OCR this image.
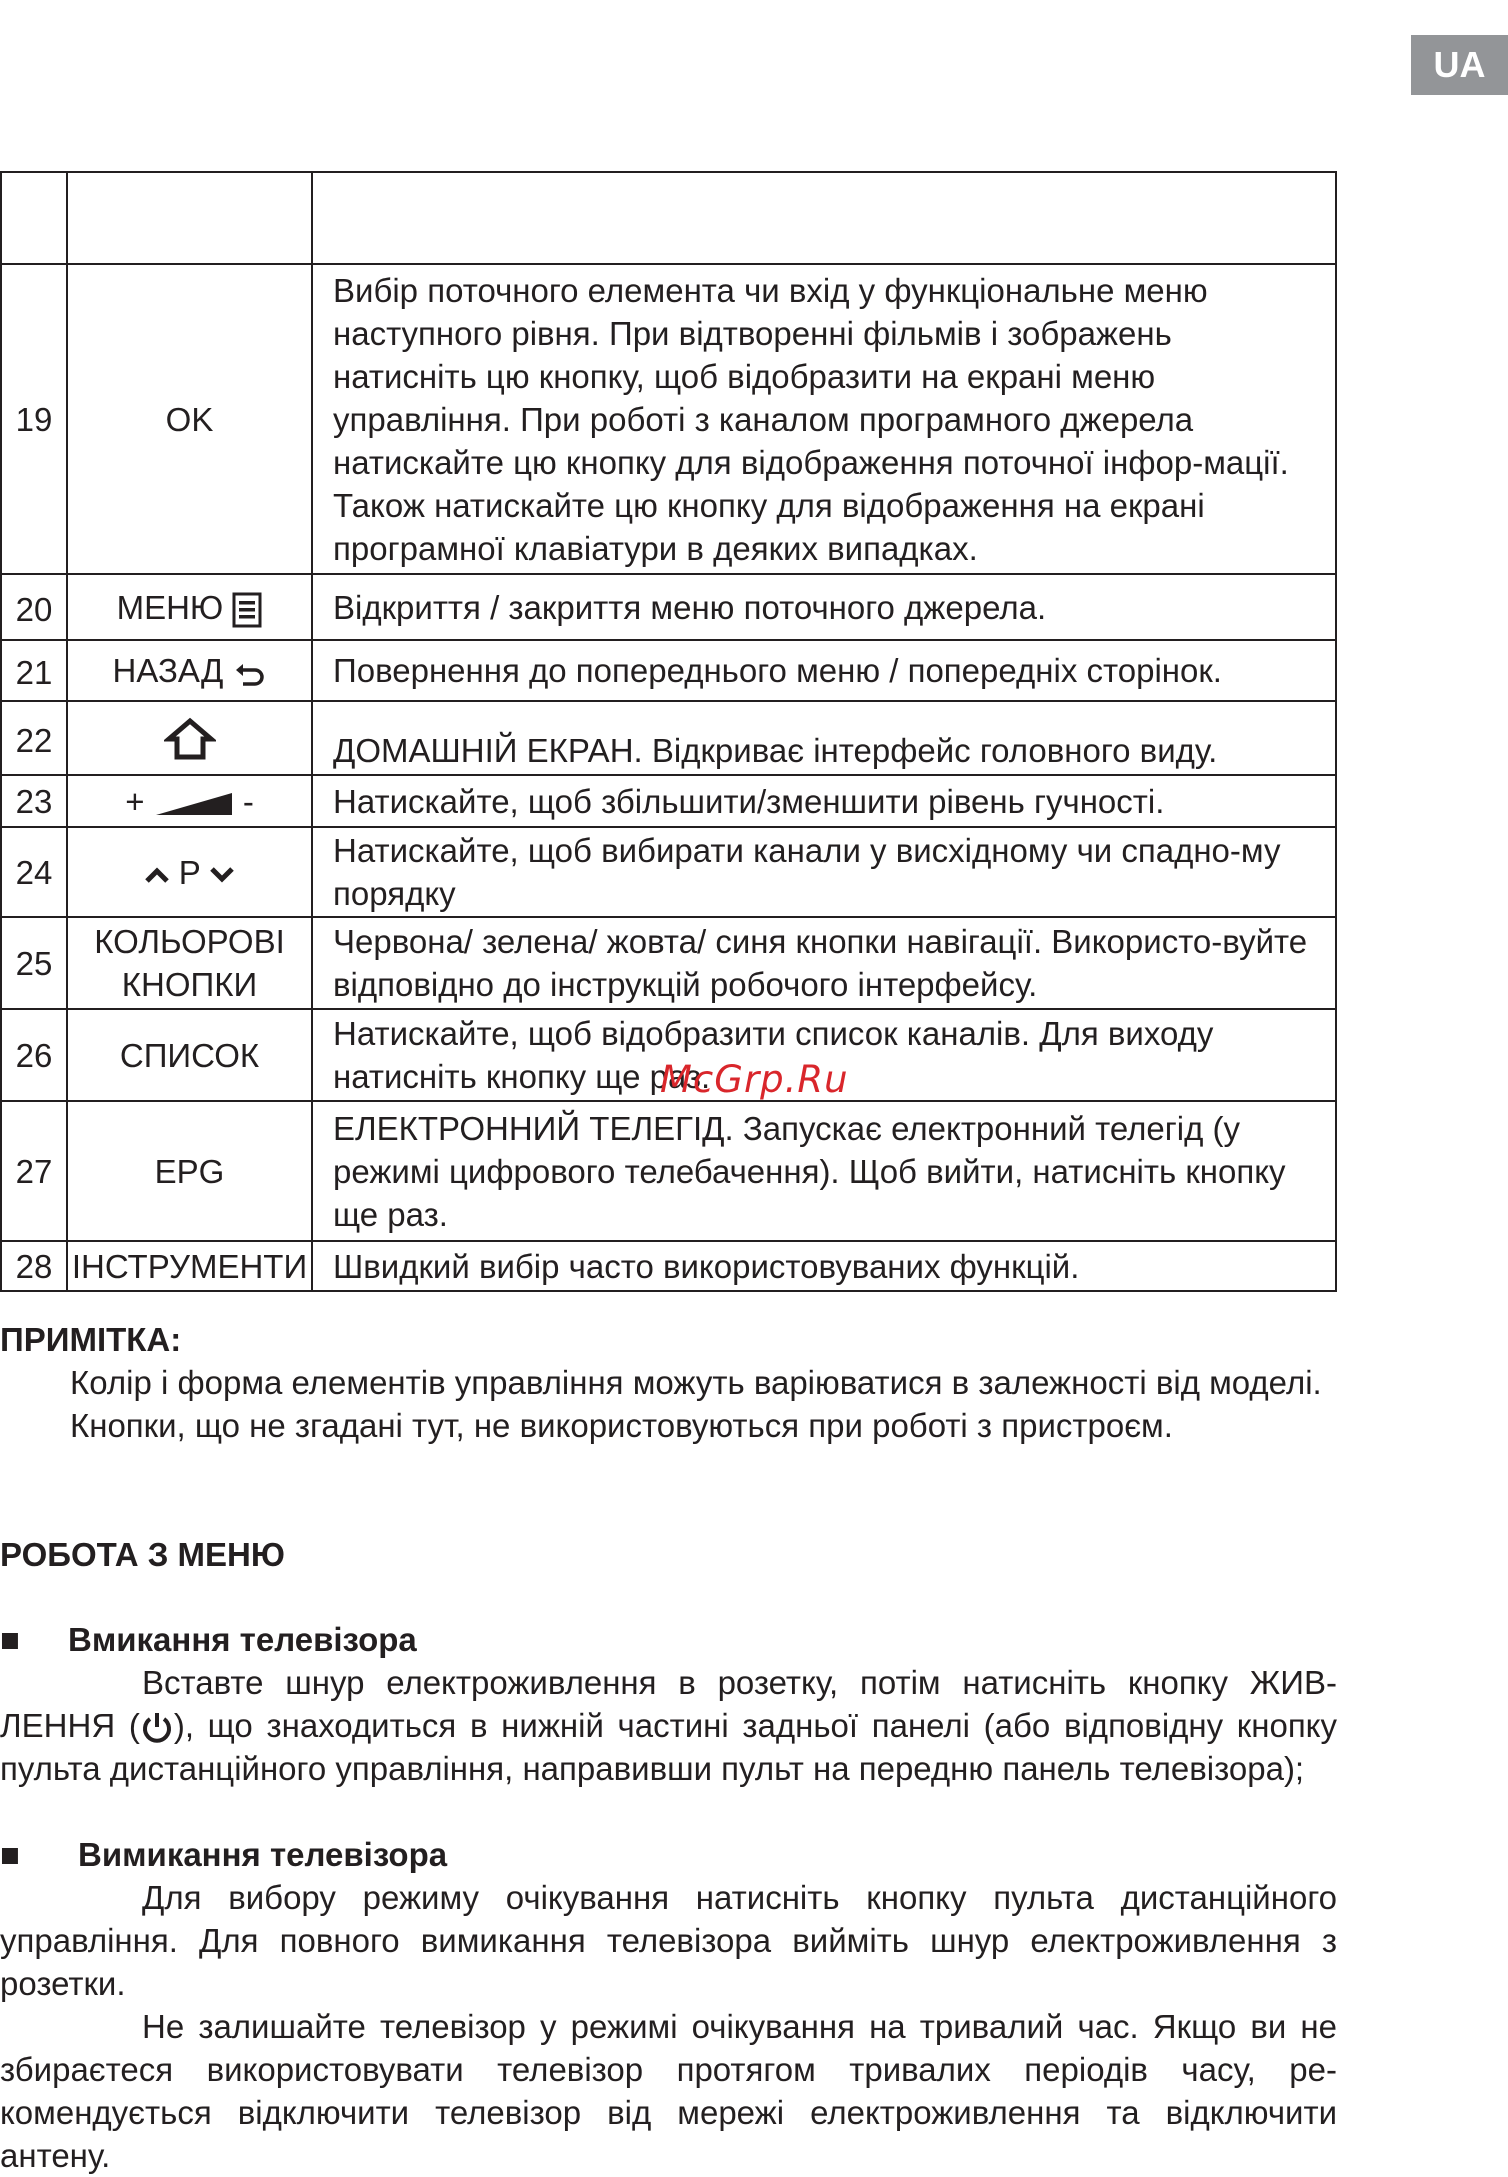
UA

19	OK	Вибір поточного елемента чи вхід у функціональне меню наступного рівня. При відтворенні фільмів і зображень натисніть цю кнопку, щоб відобразити на екрані меню управління. При роботі з каналом програмного джерела натискайте цю кнопку для відображення поточної інфор-мації. Також натискайте цю кнопку для відображення на екрані програмної клавіатури в деяких випадках.
20	МЕНЮ	Відкриття / закриття меню поточного джерела.
21	НАЗАД	Повернення до попереднього меню / попередніх сторінок.
22		ДОМАШНІЙ ЕКРАН. Відкриває інтерфейс головного виду.
23	+ -	Натискайте, щоб збільшити/зменшити рівень гучності.
24	P	Натискайте, щоб вибирати канали у висхідному чи спадно-му порядку
25	КОЛЬОРОВІ КНОПКИ	Червона/ зелена/ жовта/ синя кнопки навігації. Використо-вуйте відповідно до інструкцій робочого інтерфейсу.
26	СПИСОК	Натискайте, щоб відобразити список каналів. Для виходу натисніть кнопку ще раз.
27	EPG	ЕЛЕКТРОННИЙ ТЕЛЕГІД. Запускає електронний телегід (у режимі цифрового телебачення). Щоб вийти, натисніть кнопку ще раз.
28	ІНСТРУМЕНТИ	Швидкий вибір часто використовуваних функцій.
McGrp.Ru

ПРИМІТКА:

Колір і форма елементів управління можуть варіюватися в залежності від моделі.

Кнопки, що не згадані тут, не використовуються при роботі з пристроєм.

РОБОТА З МЕНЮ
■ Вмикання телевізора

Вставте шнур електроживлення в розетку, потім натисніть кнопку ЖИВ-ЛЕННЯ ( ), що знаходиться в нижній частині задньої панелі (або відповідну кнопку пульта дистанційного управління, направивши пульт на передню панель телевізора);

■ Вимикання телевізора

Для вибору режиму очікування натисніть кнопку пульта дистанційного управління. Для повного вимикання телевізора вийміть шнур електроживлення з розетки.

Не залишайте телевізор у режимі очікування на тривалий час. Якщо ви не збираєтеся використовувати телевізор протягом тривалих періодів часу, ре-комендується відключити телевізор від мережі електроживлення та відключити антену.
